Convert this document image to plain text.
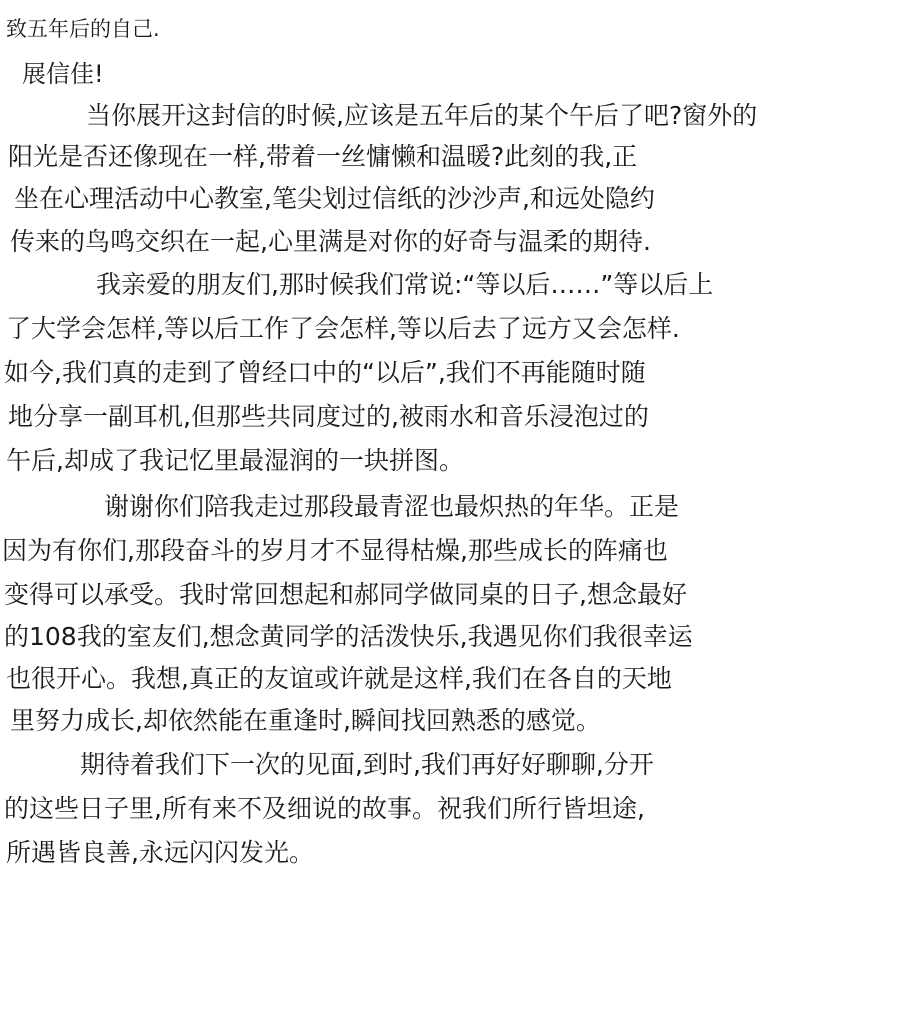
致五年后的自己.
展信佳!
当你展开这封信的时候,应该是五年后的某个午后了吧?窗外的
阳光是否还像现在一样,带着一丝慵懒和温暖?此刻的我,正
坐在心理活动中心教室,笔尖划过信纸的沙沙声,和远处隐约
传来的鸟鸣交织在一起,心里满是对你的好奇与温柔的期待.
我亲爱的朋友们,那时候我们常说:“等以后……”等以后上
了大学会怎样,等以后工作了会怎样,等以后去了远方又会怎样.
如今,我们真的走到了曾经口中的“以后”,我们不再能随时随
地分享一副耳机,但那些共同度过的,被雨水和音乐浸泡过的
午后,却成了我记忆里最湿润的一块拼图。
谢谢你们陪我走过那段最青涩也最炽热的年华。正是
因为有你们,那段奋斗的岁月才不显得枯燥,那些成长的阵痛也
变得可以承受。我时常回想起和郝同学做同桌的日子,想念最好
的108我的室友们,想念黄同学的活泼快乐,我遇见你们我很幸运
也很开心。我想,真正的友谊或许就是这样,我们在各自的天地
里努力成长,却依然能在重逢时,瞬间找回熟悉的感觉。
期待着我们下一次的见面,到时,我们再好好聊聊,分开
的这些日子里,所有来不及细说的故事。祝我们所行皆坦途,
所遇皆良善,永远闪闪发光。
